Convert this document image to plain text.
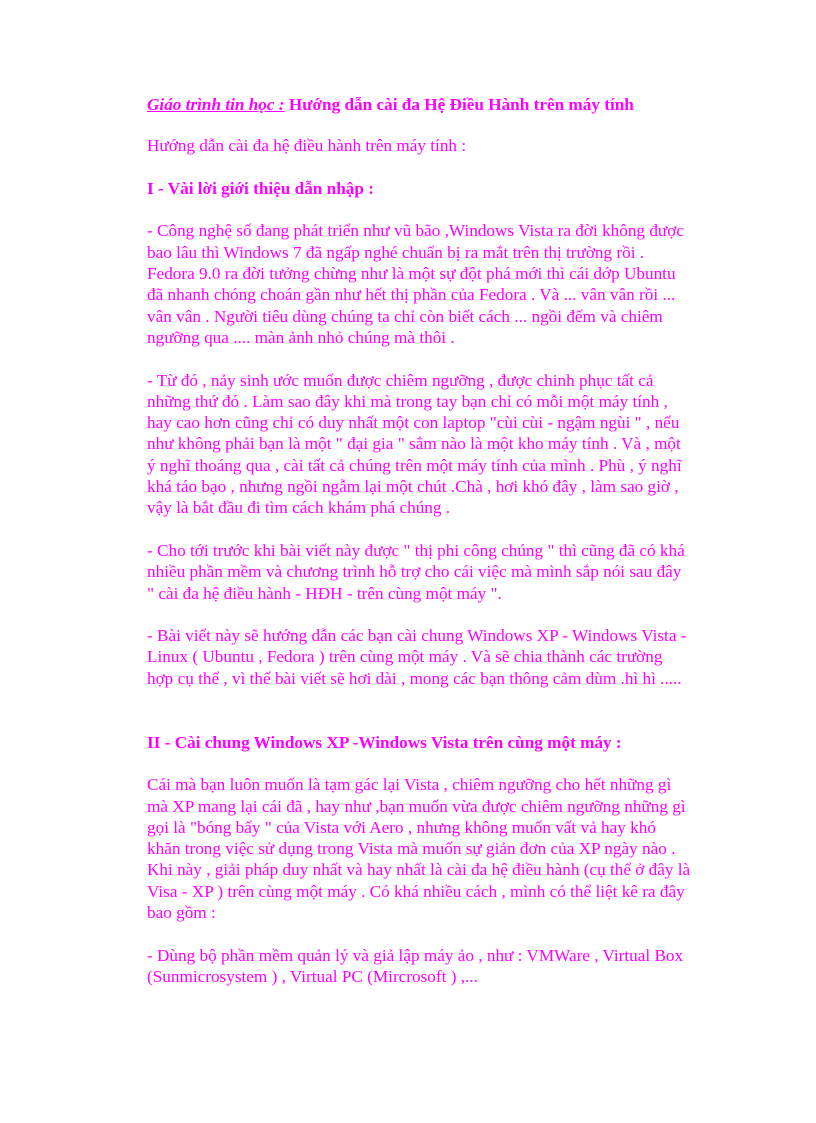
Giáo trình tin học : Hướng dẫn cài đa Hệ Điều Hành trên máy tính

Hướng dẫn cài đa hệ điều hành trên máy tính :

I - Vài lời giới thiệu dẫn nhập :

- Công nghệ số đang phát triển như vũ bão ,Windows Vista ra đời không được bao lâu thì Windows 7 đã ngấp nghé chuẩn bị ra mắt trên thị trường rồi . Fedora 9.0 ra đời tưởng chừng như là một sự đột phá mới thì cái dớp Ubuntu đã nhanh chóng choán gần như hết thị phần của Fedora . Và ... vân vân rồi ... vân vân . Người tiêu dùng chúng ta chỉ còn biết cách ... ngồi đếm và chiêm ngưỡng qua .... màn ảnh nhỏ chúng mà thôi .

- Từ đó , nảy sinh ước muốn được chiêm ngưỡng , được chinh phục tất cả những thứ đó . Làm sao đây khi mà trong tay bạn chỉ có mỗi một máy tính , hay cao hơn cũng chỉ có duy nhất một con laptop "cùi cùi - ngậm ngùi " , nếu như không phải bạn là một " đại gia " sắm nào là một kho máy tính . Và , một ý nghĩ thoáng qua , cài tất cả chúng trên một máy tính của mình . Phù , ý nghĩ khá táo bạo , nhưng ngồi ngẫm lại một chút .Chà , hơi khó đây , làm sao giờ , vậy là bắt đầu đi tìm cách khám phá chúng .

- Cho tới trước khi bài viết này được " thị phi công chúng " thì cũng đã có khá nhiều phần mềm và chương trình hỗ trợ cho cái việc mà mình sắp nói sau đây " cài đa hệ điều hành - HĐH - trên cùng một máy ".

- Bài viết này sẽ hướng dẫn các bạn cài chung Windows XP - Windows Vista - Linux ( Ubuntu , Fedora ) trên cùng một máy . Và sẽ chia thành các trường hợp cụ thể , vì thế bài viết sẽ hơi dài , mong các bạn thông cảm dùm .hì hì .....

II - Cài chung Windows XP -Windows Vista trên cùng một máy :

Cái mà bạn luôn muốn là tạm gác lại Vista , chiêm ngưỡng cho hết những gì mà XP mang lại cái đã , hay như ,bạn muốn vừa được chiêm ngưỡng những gì gọi là "bóng bẩy " của Vista với Aero , nhưng không muốn vất vả hay khó khăn trong việc sử dụng trong Vista mà muốn sự giản đơn của XP ngày nào . Khi này , giải pháp duy nhất và hay nhất là cài đa hệ điều hành (cụ thể ở đây là Visa - XP ) trên cùng một máy . Có khá nhiều cách , mình có thể liệt kê ra đây bao gồm :

- Dùng bộ phần mềm quản lý và giả lập máy ảo , như : VMWare , Virtual Box (Sunmicrosystem ) , Virtual PC (Mircrosoft ) ,...
